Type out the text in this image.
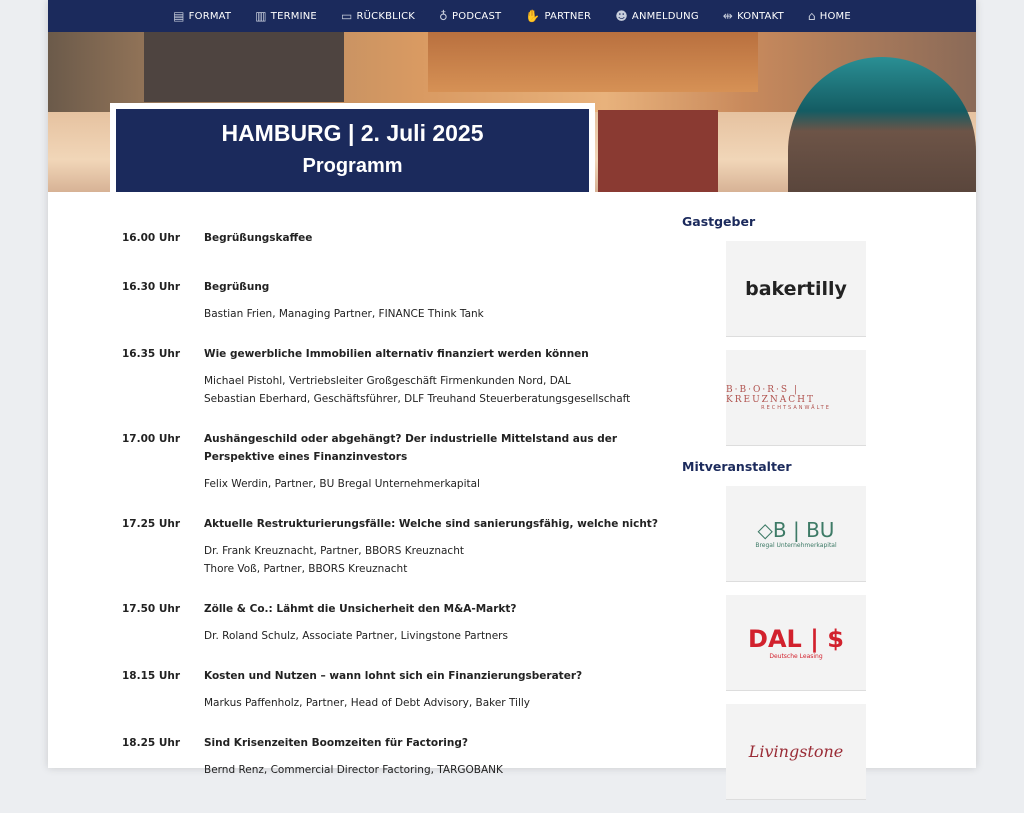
▤ FORMAT ▥ TERMINE ▭ RÜCKBLICK ♁ PODCAST ✋ PARTNER ☻ ANMELDUNG ⇹ KONTAKT ⌂ HOME
HAMBURG | 2. Juli 2025
Programm
16.00 Uhr	Begrüßungskaffee
16.30 Uhr	Begrüßung
Bastian Frien, Managing Partner, FINANCE Think Tank
16.35 Uhr	Wie gewerbliche Immobilien alternativ finanziert werden können
Michael Pistohl, Vertriebsleiter Großgeschäft Firmenkunden Nord, DAL
Sebastian Eberhard, Geschäftsführer, DLF Treuhand Steuerberatungsgesellschaft
17.00 Uhr	Aushängeschild oder abgehängt? Der industrielle Mittelstand aus der Perspektive eines Finanzinvestors
Felix Werdin, Partner, BU Bregal Unternehmerkapital
17.25 Uhr	Aktuelle Restrukturierungsfälle: Welche sind sanierungsfähig, welche nicht?
Dr. Frank Kreuznacht, Partner, BBORS Kreuznacht
Thore Voß, Partner, BBORS Kreuznacht
17.50 Uhr	Zölle & Co.: Lähmt die Unsicherheit den M&A-Markt?
Dr. Roland Schulz, Associate Partner, Livingstone Partners
18.15 Uhr	Kosten und Nutzen – wann lohnt sich ein Finanzierungsberater?
Markus Paffenholz, Partner, Head of Debt Advisory, Baker Tilly
18.25 Uhr	Sind Krisenzeiten Boomzeiten für Factoring?
Bernd Renz, Commercial Director Factoring, TARGOBANK
Gastgeber
bakertilly
B·B·O·R·S | KREUZNACHT
RECHTSANWÄLTE
Mitveranstalter
◇B | BU
Bregal Unternehmerkapital
DAL | $
Deutsche Leasing
Livingstone
